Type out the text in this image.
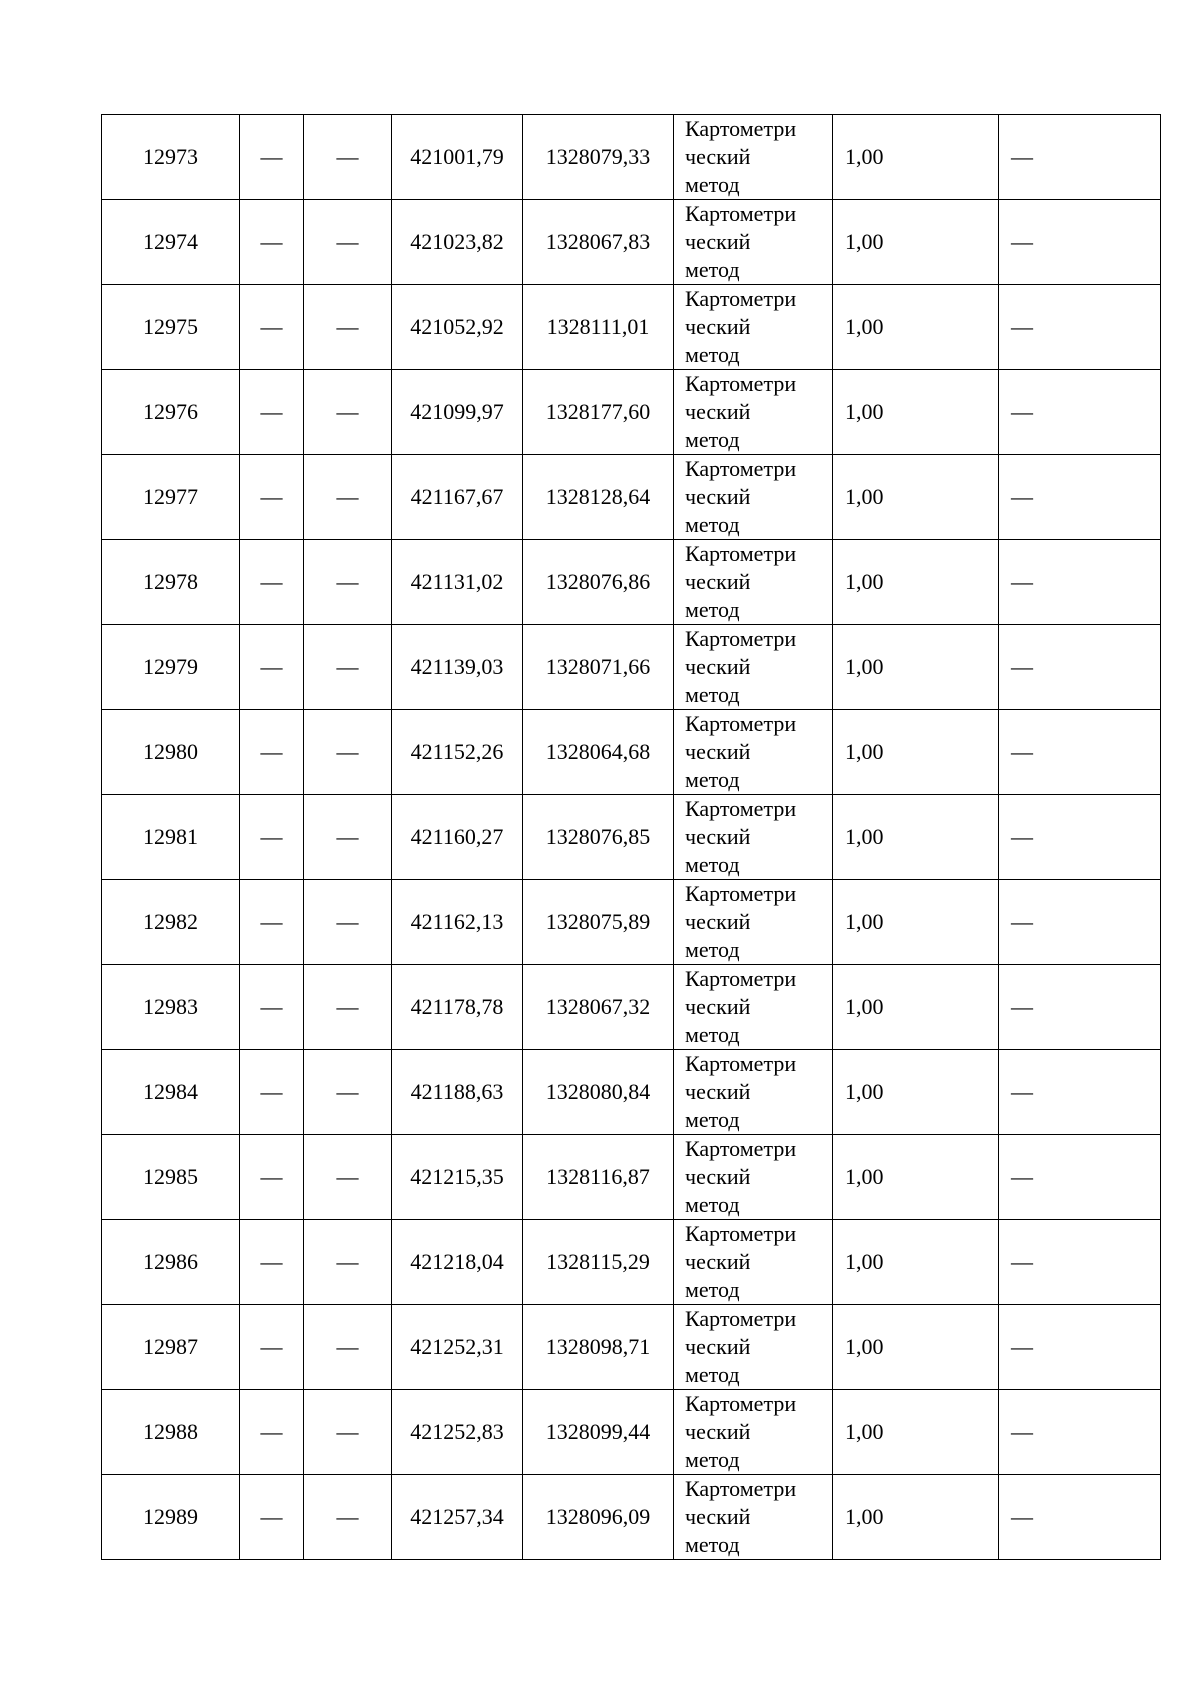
12973	—	—	421001,79	1328079,33	Картометри
ческий
метод	1,00	—
12974	—	—	421023,82	1328067,83	Картометри
ческий
метод	1,00	—
12975	—	—	421052,92	1328111,01	Картометри
ческий
метод	1,00	—
12976	—	—	421099,97	1328177,60	Картометри
ческий
метод	1,00	—
12977	—	—	421167,67	1328128,64	Картометри
ческий
метод	1,00	—
12978	—	—	421131,02	1328076,86	Картометри
ческий
метод	1,00	—
12979	—	—	421139,03	1328071,66	Картометри
ческий
метод	1,00	—
12980	—	—	421152,26	1328064,68	Картометри
ческий
метод	1,00	—
12981	—	—	421160,27	1328076,85	Картометри
ческий
метод	1,00	—
12982	—	—	421162,13	1328075,89	Картометри
ческий
метод	1,00	—
12983	—	—	421178,78	1328067,32	Картометри
ческий
метод	1,00	—
12984	—	—	421188,63	1328080,84	Картометри
ческий
метод	1,00	—
12985	—	—	421215,35	1328116,87	Картометри
ческий
метод	1,00	—
12986	—	—	421218,04	1328115,29	Картометри
ческий
метод	1,00	—
12987	—	—	421252,31	1328098,71	Картометри
ческий
метод	1,00	—
12988	—	—	421252,83	1328099,44	Картометри
ческий
метод	1,00	—
12989	—	—	421257,34	1328096,09	Картометри
ческий
метод	1,00	—
